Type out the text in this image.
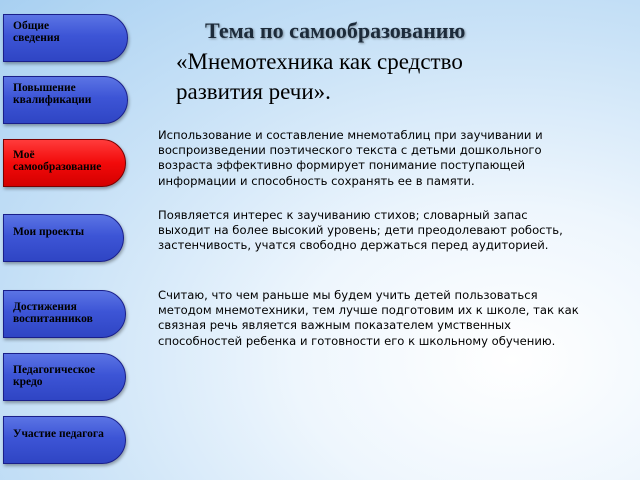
Общие
сведения
Повышение
квалификации
Моё
самообразование
Мои проекты
Достижения
воспитанников
Педагогическое
кредо
Участие педагога
Тема по самообразованию
«Мнемотехника как средство развития речи».
Использование и составление мнемотаблиц при заучивании и воспроизведении поэтического текста с детьми дошкольного возраста эффективно формирует понимание поступающей информации и способность сохранять ее в памяти.
Появляется интерес к заучиванию стихов; словарный запас выходит на более высокий уровень; дети преодолевают робость, застенчивость, учатся свободно держаться перед аудиторией.
Считаю, что чем раньше мы будем учить детей пользоваться методом мнемотехники, тем лучше подготовим их к школе, так как связная речь является важным показателем умственных способностей ребенка и готовности его к школьному обучению.
